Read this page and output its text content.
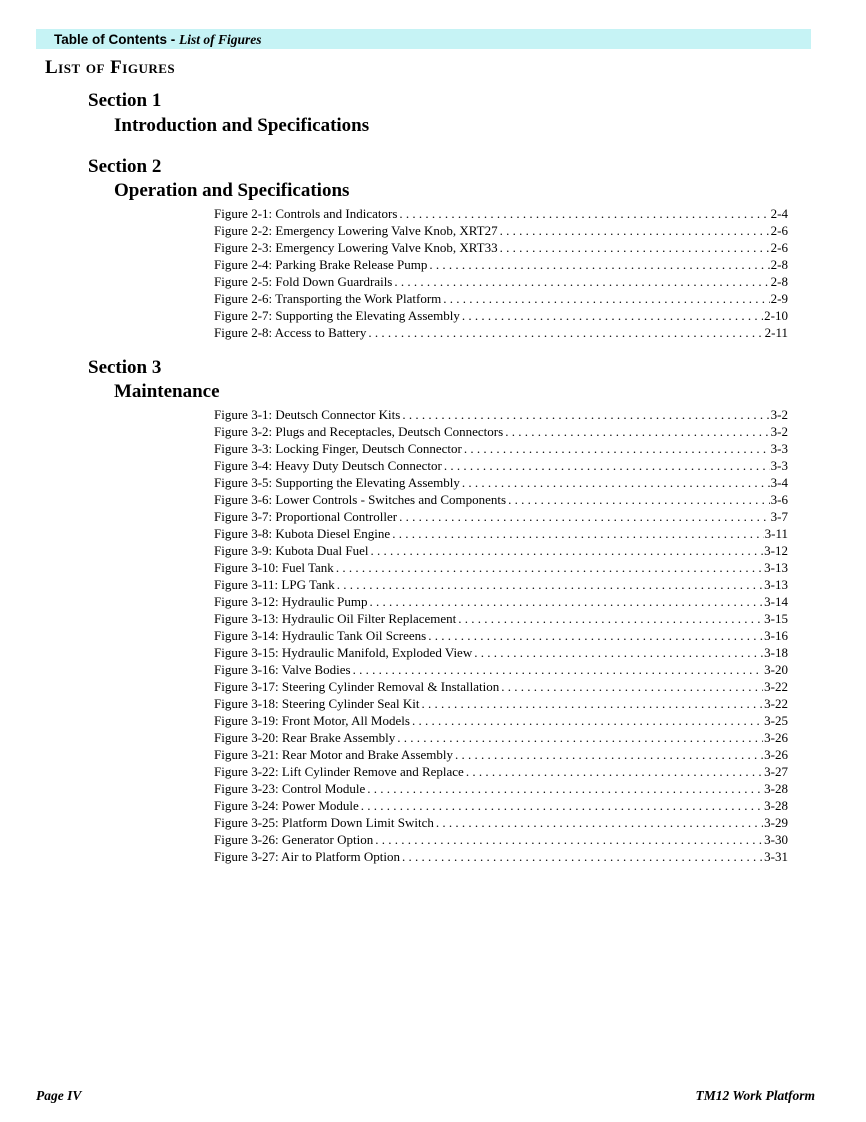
Table of Contents - List of Figures
List of Figures
Section 1
Introduction and Specifications
Section 2
Operation and Specifications
Figure 2-1: Controls and Indicators . . .	2-4
Figure 2-2: Emergency Lowering Valve Knob, XRT27 . . .	2-6
Figure 2-3: Emergency Lowering Valve Knob, XRT33 . . .	2-6
Figure 2-4: Parking Brake Release Pump . . .	2-8
Figure 2-5: Fold Down Guardrails . . .	2-8
Figure 2-6: Transporting the Work Platform . . .	2-9
Figure 2-7: Supporting the Elevating Assembly . . .	2-10
Figure 2-8: Access to Battery . . .	2-11
Section 3
Maintenance
Figure 3-1: Deutsch Connector Kits . . .	3-2
Figure 3-2: Plugs and Receptacles, Deutsch Connectors . . .	3-2
Figure 3-3: Locking Finger, Deutsch Connector . . .	3-3
Figure 3-4: Heavy Duty Deutsch Connector . . .	3-3
Figure 3-5: Supporting the Elevating Assembly . . .	3-4
Figure 3-6: Lower Controls - Switches and Components . . .	3-6
Figure 3-7: Proportional Controller . . .	3-7
Figure 3-8: Kubota Diesel Engine . . .	3-11
Figure 3-9: Kubota Dual Fuel . . .	3-12
Figure 3-10: Fuel Tank . . .	3-13
Figure 3-11: LPG Tank . . .	3-13
Figure 3-12: Hydraulic Pump . . .	3-14
Figure 3-13: Hydraulic Oil Filter Replacement . . .	3-15
Figure 3-14: Hydraulic Tank Oil Screens . . .	3-16
Figure 3-15: Hydraulic Manifold, Exploded View . . .	3-18
Figure 3-16: Valve Bodies . . .	3-20
Figure 3-17: Steering Cylinder Removal & Installation . . .	3-22
Figure 3-18: Steering Cylinder Seal Kit . . .	3-22
Figure 3-19: Front Motor, All Models . . .	3-25
Figure 3-20: Rear Brake Assembly . . .	3-26
Figure 3-21: Rear Motor and Brake Assembly . . .	3-26
Figure 3-22: Lift Cylinder Remove and Replace . . .	3-27
Figure 3-23: Control Module . . .	3-28
Figure 3-24: Power Module . . .	3-28
Figure 3-25: Platform Down Limit Switch . . .	3-29
Figure 3-26: Generator Option . . .	3-30
Figure 3-27: Air to Platform Option . . .	3-31
Page IV	TM12 Work Platform
